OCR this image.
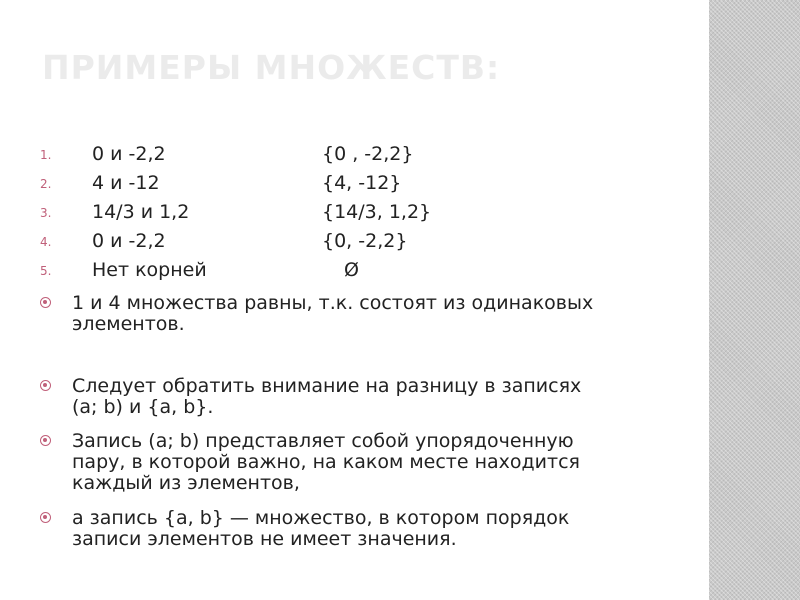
ПРИМЕРЫ МНОЖЕСТВ:
1. 0 и -2,2	{0 , -2,2}
2. 4 и -12	{4, -12}
3. 14/3 и 1,2	{14/3, 1,2}
4. 0 и -2,2	{0, -2,2}
5. Нет корней	Ø
1 и 4 множества равны, т.к. состоят из одинаковых
элементов.
Следует обратить внимание на разницу в записях
(a; b) и {a, b}.
Запись (a; b) представляет собой упорядоченную
пару, в которой важно, на каком месте находится
каждый из элементов,
а запись {a, b} — множество, в котором порядок
записи элементов не имеет значения.
